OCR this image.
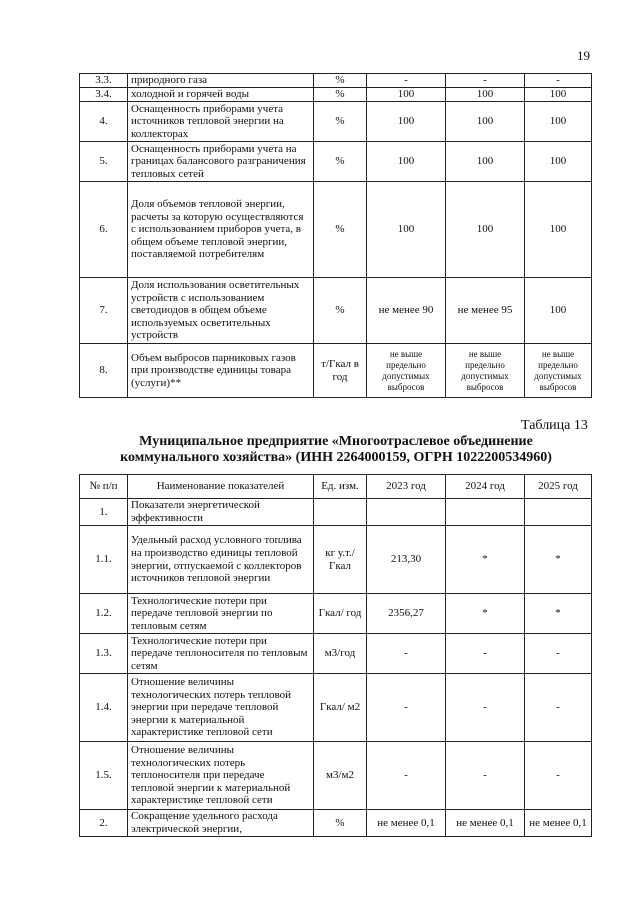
19
3.3.	природного газа	%	-	-	-
3.4.	холодной и горячей воды	%	100	100	100
4.	Оснащенность приборами учета источников тепловой энергии на коллекторах	%	100	100	100
5.	Оснащенность приборами учета на границах балансового разграничения тепловых сетей	%	100	100	100
6.	Доля объемов тепловой энергии, расчеты за которую осуществляются с использованием приборов учета, в общем объеме тепловой энергии, поставляемой потребителям	%	100	100	100
7.	Доля использования осветительных устройств с использованием светодиодов в общем объеме используемых осветительных устройств	%	не менее 90	не менее 95	100
8.	Объем выбросов парниковых газов при производстве единицы товара (услуги)**	т/Гкал в год	не выше предельно допустимых выбросов	не выше предельно допустимых выбросов	не выше предельно допустимых выбросов
Таблица 13
Муниципальное предприятие «Многоотраслевое объединение коммунального хозяйства» (ИНН 2264000159, ОГРН 1022200534960)
№ п/п	Наименование показателей	Ед. изм.	2023 год	2024 год	2025 год
1.	Показатели энергетической эффективности				
1.1.	Удельный расход условного топлива на производство единицы тепловой энергии, отпускаемой с коллекторов источников тепловой энергии	кг у.т./ Гкал	213,30	*	*
1.2.	Технологические потери при передаче тепловой энергии по тепловым сетям	Гкал/ год	2356,27	*	*
1.3.	Технологические потери при передаче теплоносителя по тепловым сетям	м3/год	-	-	-
1.4.	Отношение величины технологических потерь тепловой энергии при передаче тепловой энергии к материальной характеристике тепловой сети	Гкал/ м2	-	-	-
1.5.	Отношение величины технологических потерь теплоносителя при передаче тепловой энергии к материальной характеристике тепловой сети	м3/м2	-	-	-
2.	Сокращение удельного расхода электрической энергии,	%	не менее 0,1	не менее 0,1	не менее 0,1
